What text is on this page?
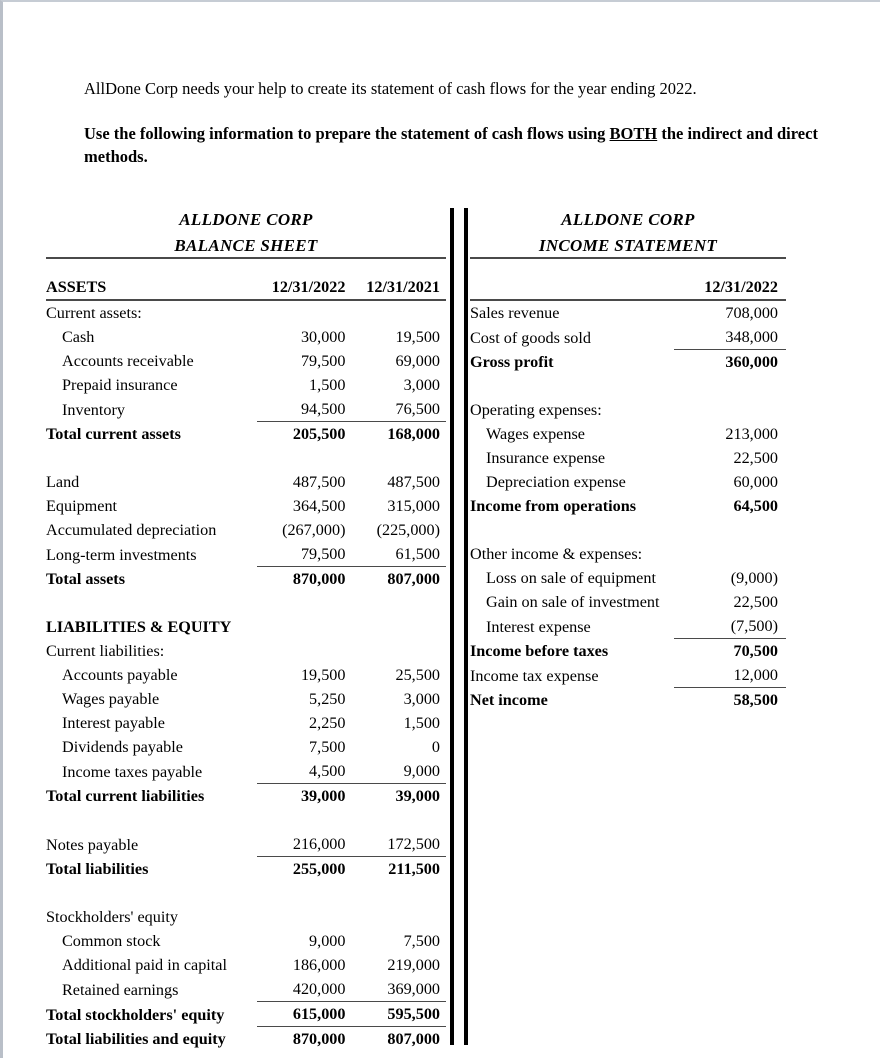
AllDone Corp needs your help to create its statement of cash flows for the year ending 2022.

Use the following information to prepare the statement of cash flows using BOTH the indirect and direct methods.

ALLDONE CORP
BALANCE SHEET
ASSETS	12/31/2022	12/31/2021
Current assets:		
Cash	30,000	19,500
Accounts receivable	79,500	69,000
Prepaid insurance	1,500	3,000
Inventory	94,500	76,500
Total current assets	205,500	168,000

Land	487,500	487,500
Equipment	364,500	315,000
Accumulated depreciation	(267,000)	(225,000)
Long-term investments	79,500	61,500
Total assets	870,000	807,000

LIABILITIES & EQUITY		
Current liabilities:		
Accounts payable	19,500	25,500
Wages payable	5,250	3,000
Interest payable	2,250	1,500
Dividends payable	7,500	0
Income taxes payable	4,500	9,000
Total current liabilities	39,000	39,000

Notes payable	216,000	172,500
Total liabilities	255,000	211,500

Stockholders' equity		
Common stock	9,000	7,500
Additional paid in capital	186,000	219,000
Retained earnings	420,000	369,000
Total stockholders' equity	615,000	595,500
Total liabilities and equity	870,000	807,000
ALLDONE CORP
INCOME STATEMENT
	12/31/2022
Sales revenue	708,000
Cost of goods sold	348,000
Gross profit	360,000

Operating expenses:	
Wages expense	213,000
Insurance expense	22,500
Depreciation expense	60,000
Income from operations	64,500

Other income & expenses:	
Loss on sale of equipment	(9,000)
Gain on sale of investment	22,500
Interest expense	(7,500)
Income before taxes	70,500
Income tax expense	12,000
Net income	58,500
